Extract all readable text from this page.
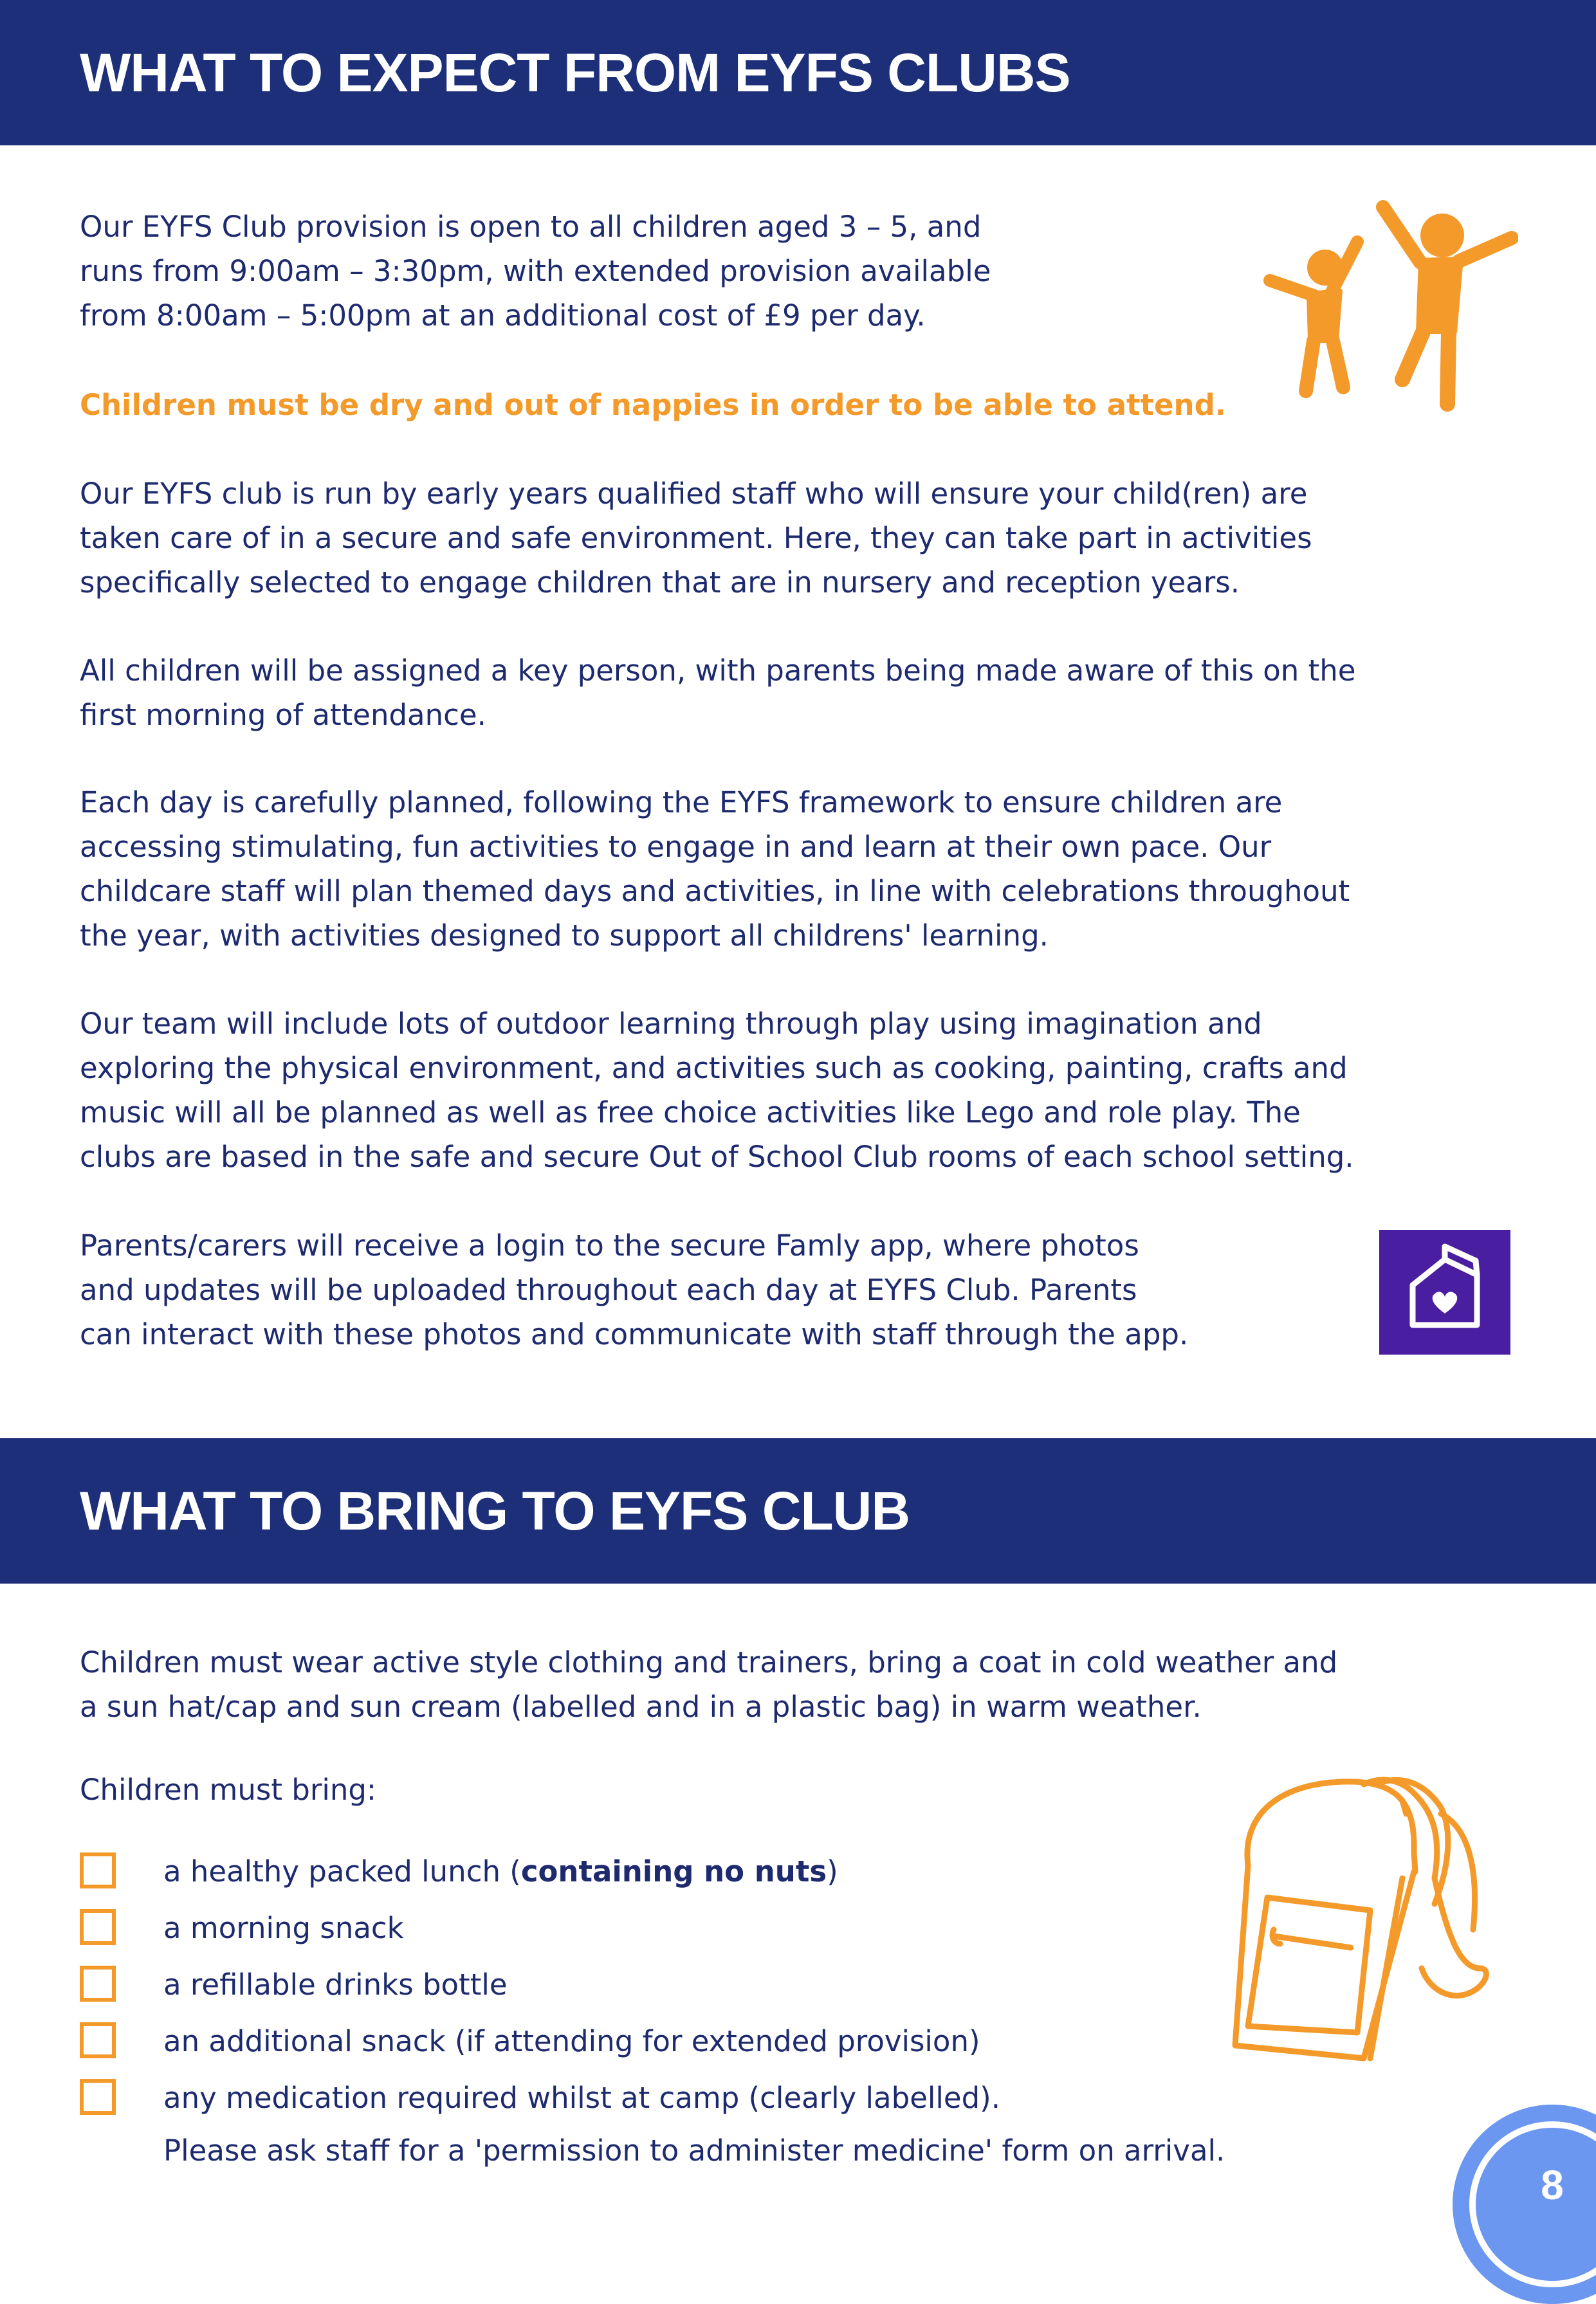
WHAT TO EXPECT FROM EYFS CLUBS

Our EYFS Club provision is open to all children aged 3 – 5, and
runs from 9:00am – 3:30pm, with extended provision available
from 8:00am – 5:00pm at an additional cost of £9 per day.

Children must be dry and out of nappies in order to be able to attend.

Our EYFS club is run by early years qualified staff who will ensure your child(ren) are
taken care of in a secure and safe environment. Here, they can take part in activities
specifically selected to engage children that are in nursery and reception years.

All children will be assigned a key person, with parents being made aware of this on the
first morning of attendance.

Each day is carefully planned, following the EYFS framework to ensure children are
accessing stimulating, fun activities to engage in and learn at their own pace. Our
childcare staff will plan themed days and activities, in line with celebrations throughout
the year, with activities designed to support all childrens' learning.

Our team will include lots of outdoor learning through play using imagination and
exploring the physical environment, and activities such as cooking, painting, crafts and
music will all be planned as well as free choice activities like Lego and role play. The
clubs are based in the safe and secure Out of School Club rooms of each school setting.

Parents/carers will receive a login to the secure Famly app, where photos
and updates will be uploaded throughout each day at EYFS Club. Parents
can interact with these photos and communicate with staff through the app.

WHAT TO BRING TO EYFS CLUB

Children must wear active style clothing and trainers, bring a coat in cold weather and
a sun hat/cap and sun cream (labelled and in a plastic bag) in warm weather.

Children must bring:

a healthy packed lunch (containing no nuts)
a morning snack
a refillable drinks bottle
an additional snack (if attending for extended provision)
any medication required whilst at camp (clearly labelled).

Please ask staff for a 'permission to administer medicine' form on arrival.

8
